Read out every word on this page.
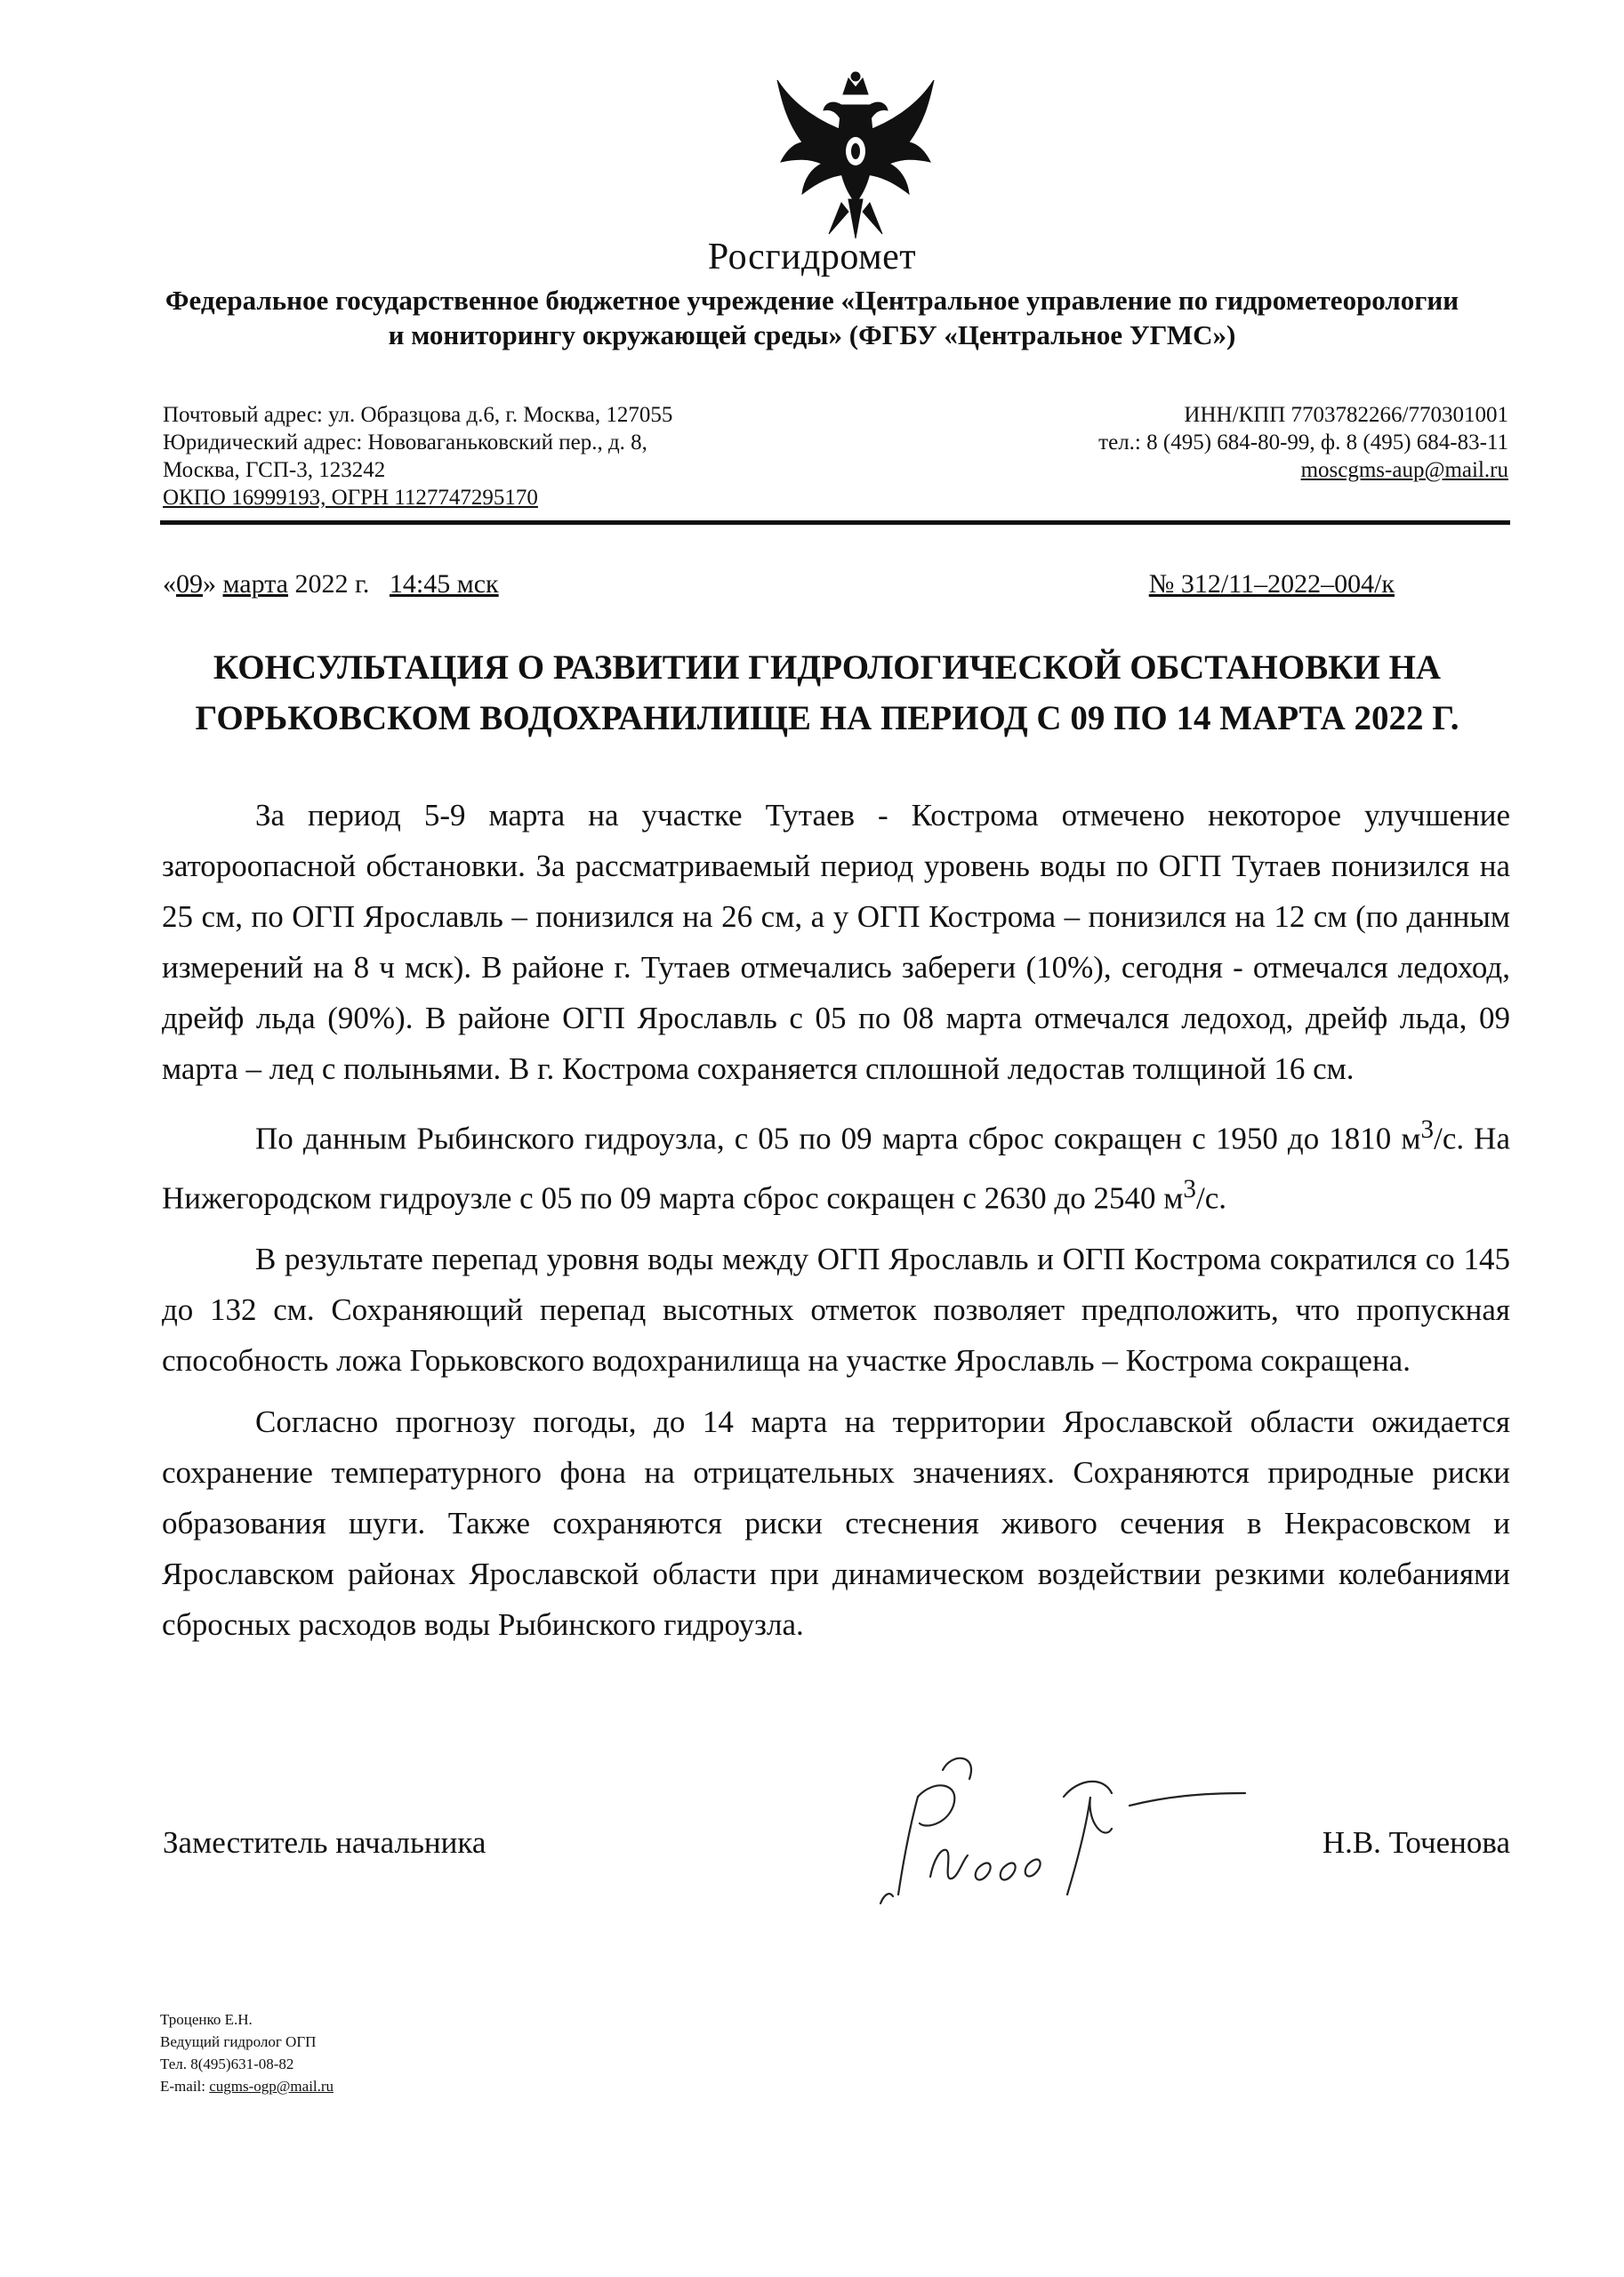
Росгидромет
Федеральное государственное бюджетное учреждение «Центральное управление по гидрометеорологии и мониторингу окружающей среды» (ФГБУ «Центральное УГМС»)
Почтовый адрес: ул. Образцова д.6, г. Москва, 127055
Юридический адрес: Нововаганьковский пер., д. 8,
Москва, ГСП-3, 123242
ОКПО 16999193, ОГРН 1127747295170
ИНН/КПП 7703782266/770301001
тел.: 8 (495) 684-80-99, ф. 8 (495) 684-83-11
moscgms-aup@mail.ru
«09» марта 2022 г. 14:45 мск	№ 312/11–2022–004/к
КОНСУЛЬТАЦИЯ О РАЗВИТИИ ГИДРОЛОГИЧЕСКОЙ ОБСТАНОВКИ НА ГОРЬКОВСКОМ ВОДОХРАНИЛИЩЕ НА ПЕРИОД С 09 ПО 14 МАРТА 2022 Г.

За период 5-9 марта на участке Тутаев - Кострома отмечено некоторое улучшение заторoопасной обстановки. За рассматриваемый период уровень воды по ОГП Тутаев понизился на 25 см, по ОГП Ярославль – понизился на 26 см, а у ОГП Кострома – понизился на 12 см (по данным измерений на 8 ч мск). В районе г. Тутаев отмечались забереги (10%), сегодня - отмечался ледоход, дрейф льда (90%). В районе ОГП Ярославль с 05 по 08 марта отмечался ледоход, дрейф льда, 09 марта – лед с полыньями. В г. Кострома сохраняется сплошной ледостав толщиной 16 см.

По данным Рыбинского гидроузла, с 05 по 09 марта сброс сокращен с 1950 до 1810 $м^3/с$. На Нижегородском гидроузле с 05 по 09 марта сброс сокращен с 2630 до 2540 $м^3/с$.

В результате перепад уровня воды между ОГП Ярославль и ОГП Кострома сократился со 145 до 132 см. Сохраняющий перепад высотных отметок позволяет предположить, что пропускная способность ложа Горьковского водохранилища на участке Ярославль – Кострома сокращена.

Согласно прогнозу погоды, до 14 марта на территории Ярославской области ожидается сохранение температурного фона на отрицательных значениях. Сохраняются природные риски образования шуги. Также сохраняются риски стеснения живого сечения в Некрасовском и Ярославском районах Ярославской области при динамическом воздействии резкими колебаниями сбросных расходов воды Рыбинского гидроузла.

Заместитель начальника	Н.В. Точенова
Троценко Е.Н.
Ведущий гидролог ОГП
Тел. 8(495)631-08-82
E-mail: cugms-ogp@mail.ru
